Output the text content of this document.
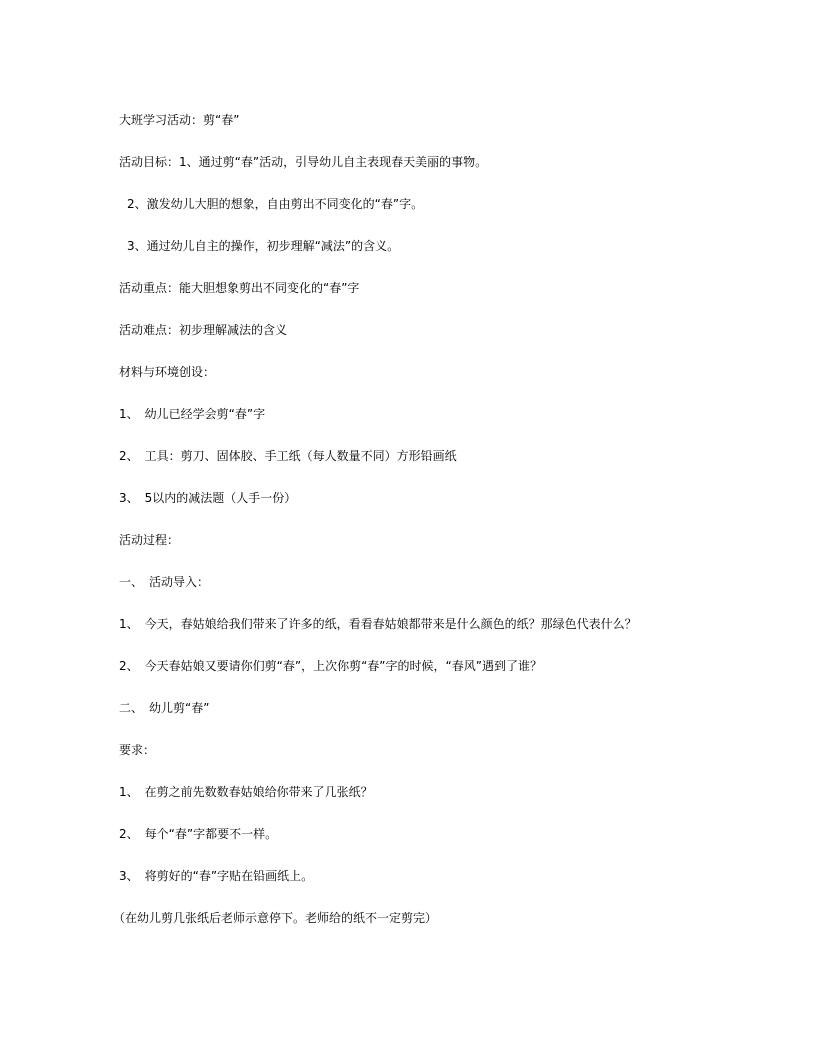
大班学习活动：剪“春”
活动目标：1、通过剪“春”活动，引导幼儿自主表现春天美丽的事物。
2、激发幼儿大胆的想象，自由剪出不同变化的“春”字。
3、通过幼儿自主的操作，初步理解“减法”的含义。
活动重点：能大胆想象剪出不同变化的“春”字
活动难点：初步理解减法的含义
材料与环境创设：
1、　幼儿已经学会剪“春”字
2、　工具：剪刀、固体胶、手工纸（每人数量不同）方形铅画纸
3、　5以内的减法题（人手一份）
活动过程：
一、　活动导入：
1、　今天，春姑娘给我们带来了许多的纸，看看春姑娘都带来是什么颜色的纸？那绿色代表什么？
2、　今天春姑娘又要请你们剪“春”，上次你剪“春”字的时候，“春风”遇到了谁？
二、　幼儿剪“春”
要求：
1、　在剪之前先数数春姑娘给你带来了几张纸？
2、　每个“春”字都要不一样。
3、　将剪好的“春”字贴在铅画纸上。
（在幼儿剪几张纸后老师示意停下。老师给的纸不一定剪完）
